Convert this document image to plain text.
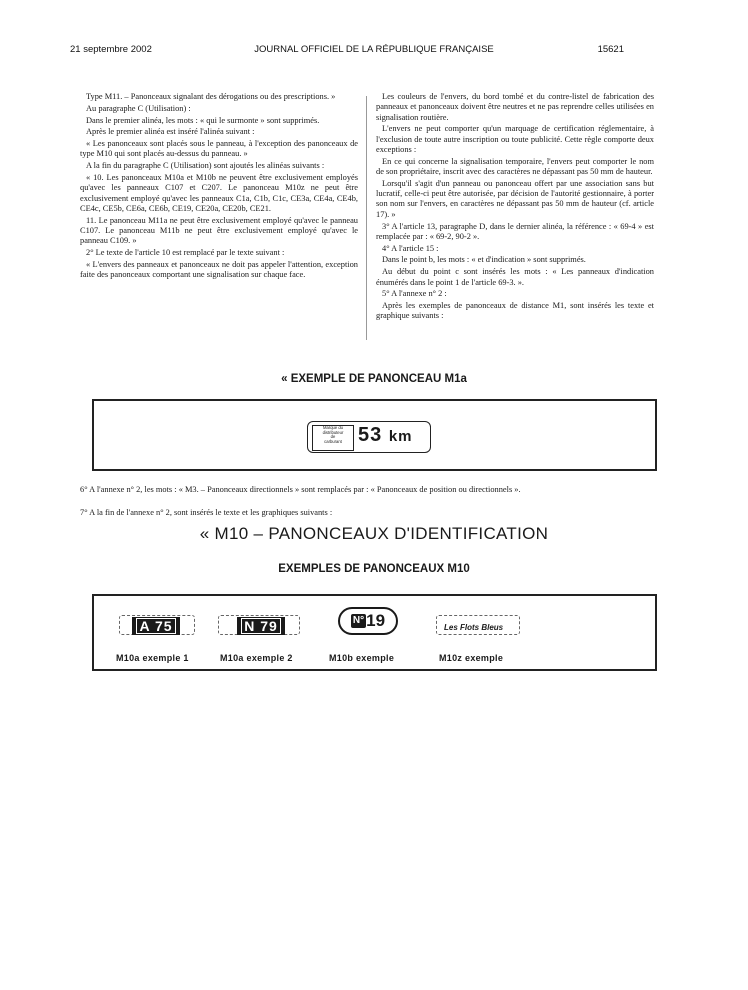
21 septembre 2002	JOURNAL OFFICIEL DE LA RÉPUBLIQUE FRANÇAISE	15621

Type M11. – Panonceaux signalant des dérogations ou des prescriptions. »

Au paragraphe C (Utilisation) :

Dans le premier alinéa, les mots : « qui le surmonte » sont supprimés.

Après le premier alinéa est inséré l'alinéa suivant :

« Les panonceaux sont placés sous le panneau, à l'exception des panonceaux de type M10 qui sont placés au-dessus du panneau. »

A la fin du paragraphe C (Utilisation) sont ajoutés les alinéas suivants :

« 10. Les panonceaux M10a et M10b ne peuvent être exclusivement employés qu'avec les panneaux C107 et C207. Le panonceau M10z ne peut être exclusivement employé qu'avec les panneaux C1a, C1b, C1c, CE3a, CE4a, CE4b, CE4c, CE5b, CE6a, CE6b, CE19, CE20a, CE20b, CE21.

11. Le panonceau M11a ne peut être exclusivement employé qu'avec le panneau C107. Le panonceau M11b ne peut être exclusivement employé qu'avec le panneau C109. »

2° Le texte de l'article 10 est remplacé par le texte suivant :

« L'envers des panneaux et panonceaux ne doit pas appeler l'attention, exception faite des panonceaux comportant une signalisation sur chaque face.

Les couleurs de l'envers, du bord tombé et du contre-listel de fabrication des panneaux et panonceaux doivent être neutres et ne pas reprendre celles utilisées en signalisation routière.

L'envers ne peut comporter qu'un marquage de certification réglementaire, à l'exclusion de toute autre inscription ou toute publicité. Cette règle comporte deux exceptions :

En ce qui concerne la signalisation temporaire, l'envers peut comporter le nom de son propriétaire, inscrit avec des caractères ne dépassant pas 50 mm de hauteur.

Lorsqu'il s'agit d'un panneau ou panonceau offert par une association sans but lucratif, celle-ci peut être autorisée, par décision de l'autorité gestionnaire, à porter son nom sur l'envers, en caractères ne dépassant pas 50 mm de hauteur (cf. article 17). »

3° A l'article 13, paragraphe D, dans le dernier alinéa, la référence : « 69-4 » est remplacée par : « 69-2, 90-2 ».

4° A l'article 15 :

Dans le point b, les mots : « et d'indication » sont supprimés.

Au début du point c sont insérés les mots : « Les panneaux d'indication énumérés dans le point 1 de l'article 69-3. ».

5° A l'annexe n° 2 :

Après les exemples de panonceaux de distance M1, sont insérés les texte et graphique suivants :

« EXEMPLE DE PANONCEAU M1a
Marque du
distributeur
de
carburant 53 km
6° A l'annexe n° 2, les mots : « M3. – Panonceaux directionnels » sont remplacés par : « Panonceaux de position ou directionnels ».
7° A la fin de l'annexe n° 2, sont insérés le texte et les graphiques suivants :
« M10 – PANONCEAUX D'IDENTIFICATION
EXEMPLES DE PANONCEAUX M10
A 75
M10a exemple 1
N 79
M10a exemple 2
N° 19
M10b exemple
Les Flots Bleus
M10z exemple
